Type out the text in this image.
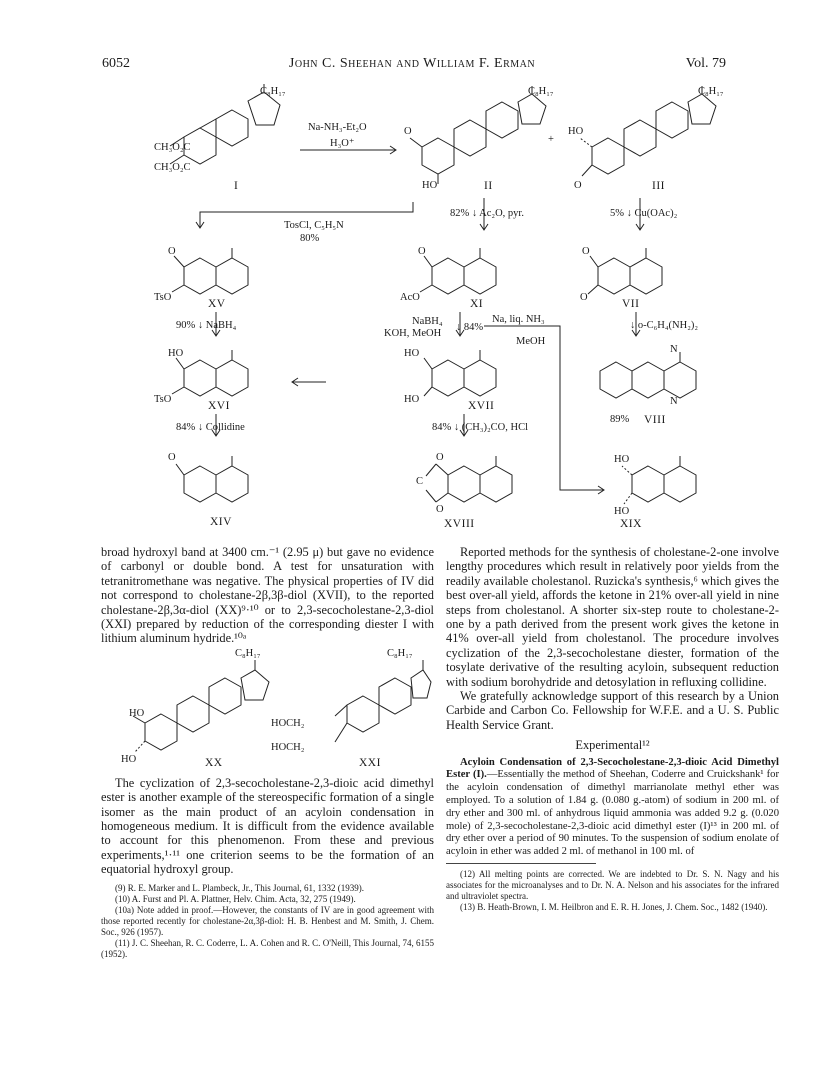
6052	John C. Sheehan and William F. Erman	Vol. 79
C₈H₁₇
CH₃O₂C
CH₃O₂C
I
C₈H₁₇
O
HO	II
+
C₈H₁₇
HO
O	III
Na-NH₃-Et₂O
H₃O⁺
TosCl, C₅H₅N
80%
82% ↓ Ac₂O, pyr.	5% ↓ Cu(OAc)₂
O
TsO
XV
O
AcO
XI
O
O
VII
90% ↓ NaBH₄	NaBH₄
KOH, MeOH
↓ 84%
Na, liq. NH₃
MeOH
↓ o-C₆H₄(NH₂)₂
HO
TsO
XVI
HO
HO
XVII
N
N
89% VIII
84% ↓ Collidine	84% ↓ (CH₃)₂CO, HCl
O
XIV
O
C
O
XVIII
HO
HO
XIX

broad hydroxyl band at 3400 cm.⁻¹ (2.95 μ) but gave no evidence of carbonyl or double bond. A test for unsaturation with tetranitromethane was negative. The physical properties of IV did not correspond to cholestane-2β,3β-diol (XVII), to the reported cholestane-2β,3α-diol (XX)⁹·¹⁰ or to 2,3-secocholestane-2,3-diol (XXI) prepared by reduction of the corresponding diester I with lithium aluminum hydride.¹⁰ᵃ

C₈H₁₇	C₈H₁₇
HO
HO
HOCH₂
HOCH₂
XX	XXI

The cyclization of 2,3-secocholestane-2,3-dioic acid dimethyl ester is another example of the stereospecific formation of a single isomer as the main product of an acyloin condensation in homogeneous medium. It is difficult from the evidence available to account for this phenomenon. From these and previous experiments,¹·¹¹ one criterion seems to be the formation of an equatorial hydroxyl group.

(9) R. E. Marker and L. Plambeck, Jr., This Journal, 61, 1332 (1939).

(10) A. Furst and Pl. A. Plattner, Helv. Chim. Acta, 32, 275 (1949).

(10a) Note added in proof.—However, the constants of IV are in good agreement with those reported recently for cholestane-2α,3β-diol: H. B. Henbest and M. Smith, J. Chem. Soc., 926 (1957).

(11) J. C. Sheehan, R. C. Coderre, L. A. Cohen and R. C. O'Neill, This Journal, 74, 6155 (1952).

Reported methods for the synthesis of cholestane-2-one involve lengthy procedures which result in relatively poor yields from the readily available cholestanol. Ruzicka's synthesis,⁶ which gives the best over-all yield, affords the ketone in 21% over-all yield in nine steps from cholestanol. A shorter six-step route to cholestane-2-one by a path derived from the present work gives the ketone in 41% over-all yield from cholestanol. The procedure involves cyclization of the 2,3-secocholestane diester, formation of the tosylate derivative of the resulting acyloin, subsequent reduction with sodium borohydride and detosylation in refluxing collidine.

We gratefully acknowledge support of this research by a Union Carbide and Carbon Co. Fellowship for W.F.E. and a U. S. Public Health Service Grant.

Experimental¹²

Acyloin Condensation of 2,3-Secocholestane-2,3-dioic Acid Dimethyl Ester (I).—Essentially the method of Sheehan, Coderre and Cruickshank¹ for the acyloin condensation of dimethyl marrianolate methyl ether was employed. To a solution of 1.84 g. (0.080 g.-atom) of sodium in 200 ml. of dry ether and 300 ml. of anhydrous liquid ammonia was added 9.2 g. (0.020 mole) of 2,3-secocholestane-2,3-dioic acid dimethyl ester (I)¹³ in 200 ml. of dry ether over a period of 90 minutes. To the suspension of sodium enolate of acyloin in ether was added 2 ml. of methanol in 100 ml. of

(12) All melting points are corrected. We are indebted to Dr. S. N. Nagy and his associates for the microanalyses and to Dr. N. A. Nelson and his associates for the infrared and ultraviolet spectra.

(13) B. Heath-Brown, I. M. Heilbron and E. R. H. Jones, J. Chem. Soc., 1482 (1940).
